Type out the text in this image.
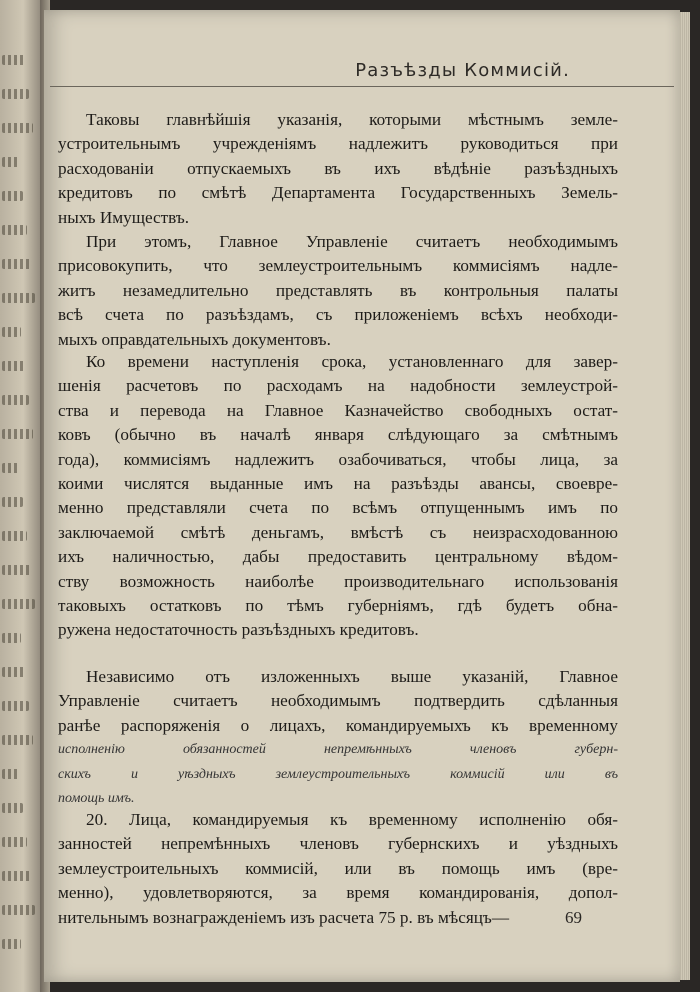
Разъѣзды Коммисій.

Таковы главнѣйшія указанія, которыми мѣстнымъ земле-

устроительнымъ учрежденіямъ надлежитъ руководиться при

расходованіи отпускаемыхъ въ ихъ вѣдѣніе разъѣздныхъ

кредитовъ по смѣтѣ Департамента Государственныхъ Земель-

ныхъ Имуществъ.

При этомъ, Главное Управленіе считаетъ необходимымъ

присовокупить, что землеустроительнымъ коммисіямъ надле-

житъ незамедлительно представлять въ контрольныя палаты

всѣ счета по разъѣздамъ, съ приложеніемъ всѣхъ необходи-

мыхъ оправдательныхъ документовъ.

Ко времени наступленія срока, установленнаго для завер-

шенія расчетовъ по расходамъ на надобности землеустрой-

ства и перевода на Главное Казначейство свободныхъ остат-

ковъ (обычно въ началѣ января слѣдующаго за смѣтнымъ

года), коммисіямъ надлежитъ озабочиваться, чтобы лица, за

коими числятся выданные имъ на разъѣзды авансы, своевре-

менно представляли счета по всѣмъ отпущеннымъ имъ по

заключаемой смѣтѣ деньгамъ, вмѣстѣ съ неизрасходованною

ихъ наличностью, дабы предоставить центральному вѣдом-

ству возможность наиболѣе производительнаго использованія

таковыхъ остатковъ по тѣмъ губерніямъ, гдѣ будетъ обна-

ружена недостаточность разъѣздныхъ кредитовъ.

Независимо отъ изложенныхъ выше указаній, Главное

Управленіе считаетъ необходимымъ подтвердить сдѣланныя

ранѣе распоряженія о лицахъ, командируемыхъ къ временному

исполненію обязанностей непремѣнныхъ членовъ губерн-

скихъ и уѣздныхъ землеустроительныхъ коммисій или въ

помощь имъ.

20. Лица, командируемыя къ временному исполненію обя-

занностей непремѣнныхъ членовъ губернскихъ и уѣздныхъ

землеустроительныхъ коммисій, или въ помощь имъ (вре-

менно), удовлетворяются, за время командированія, допол-

нительнымъ вознагражденіемъ изъ расчета 75 р. въ мѣсяцъ—	69
